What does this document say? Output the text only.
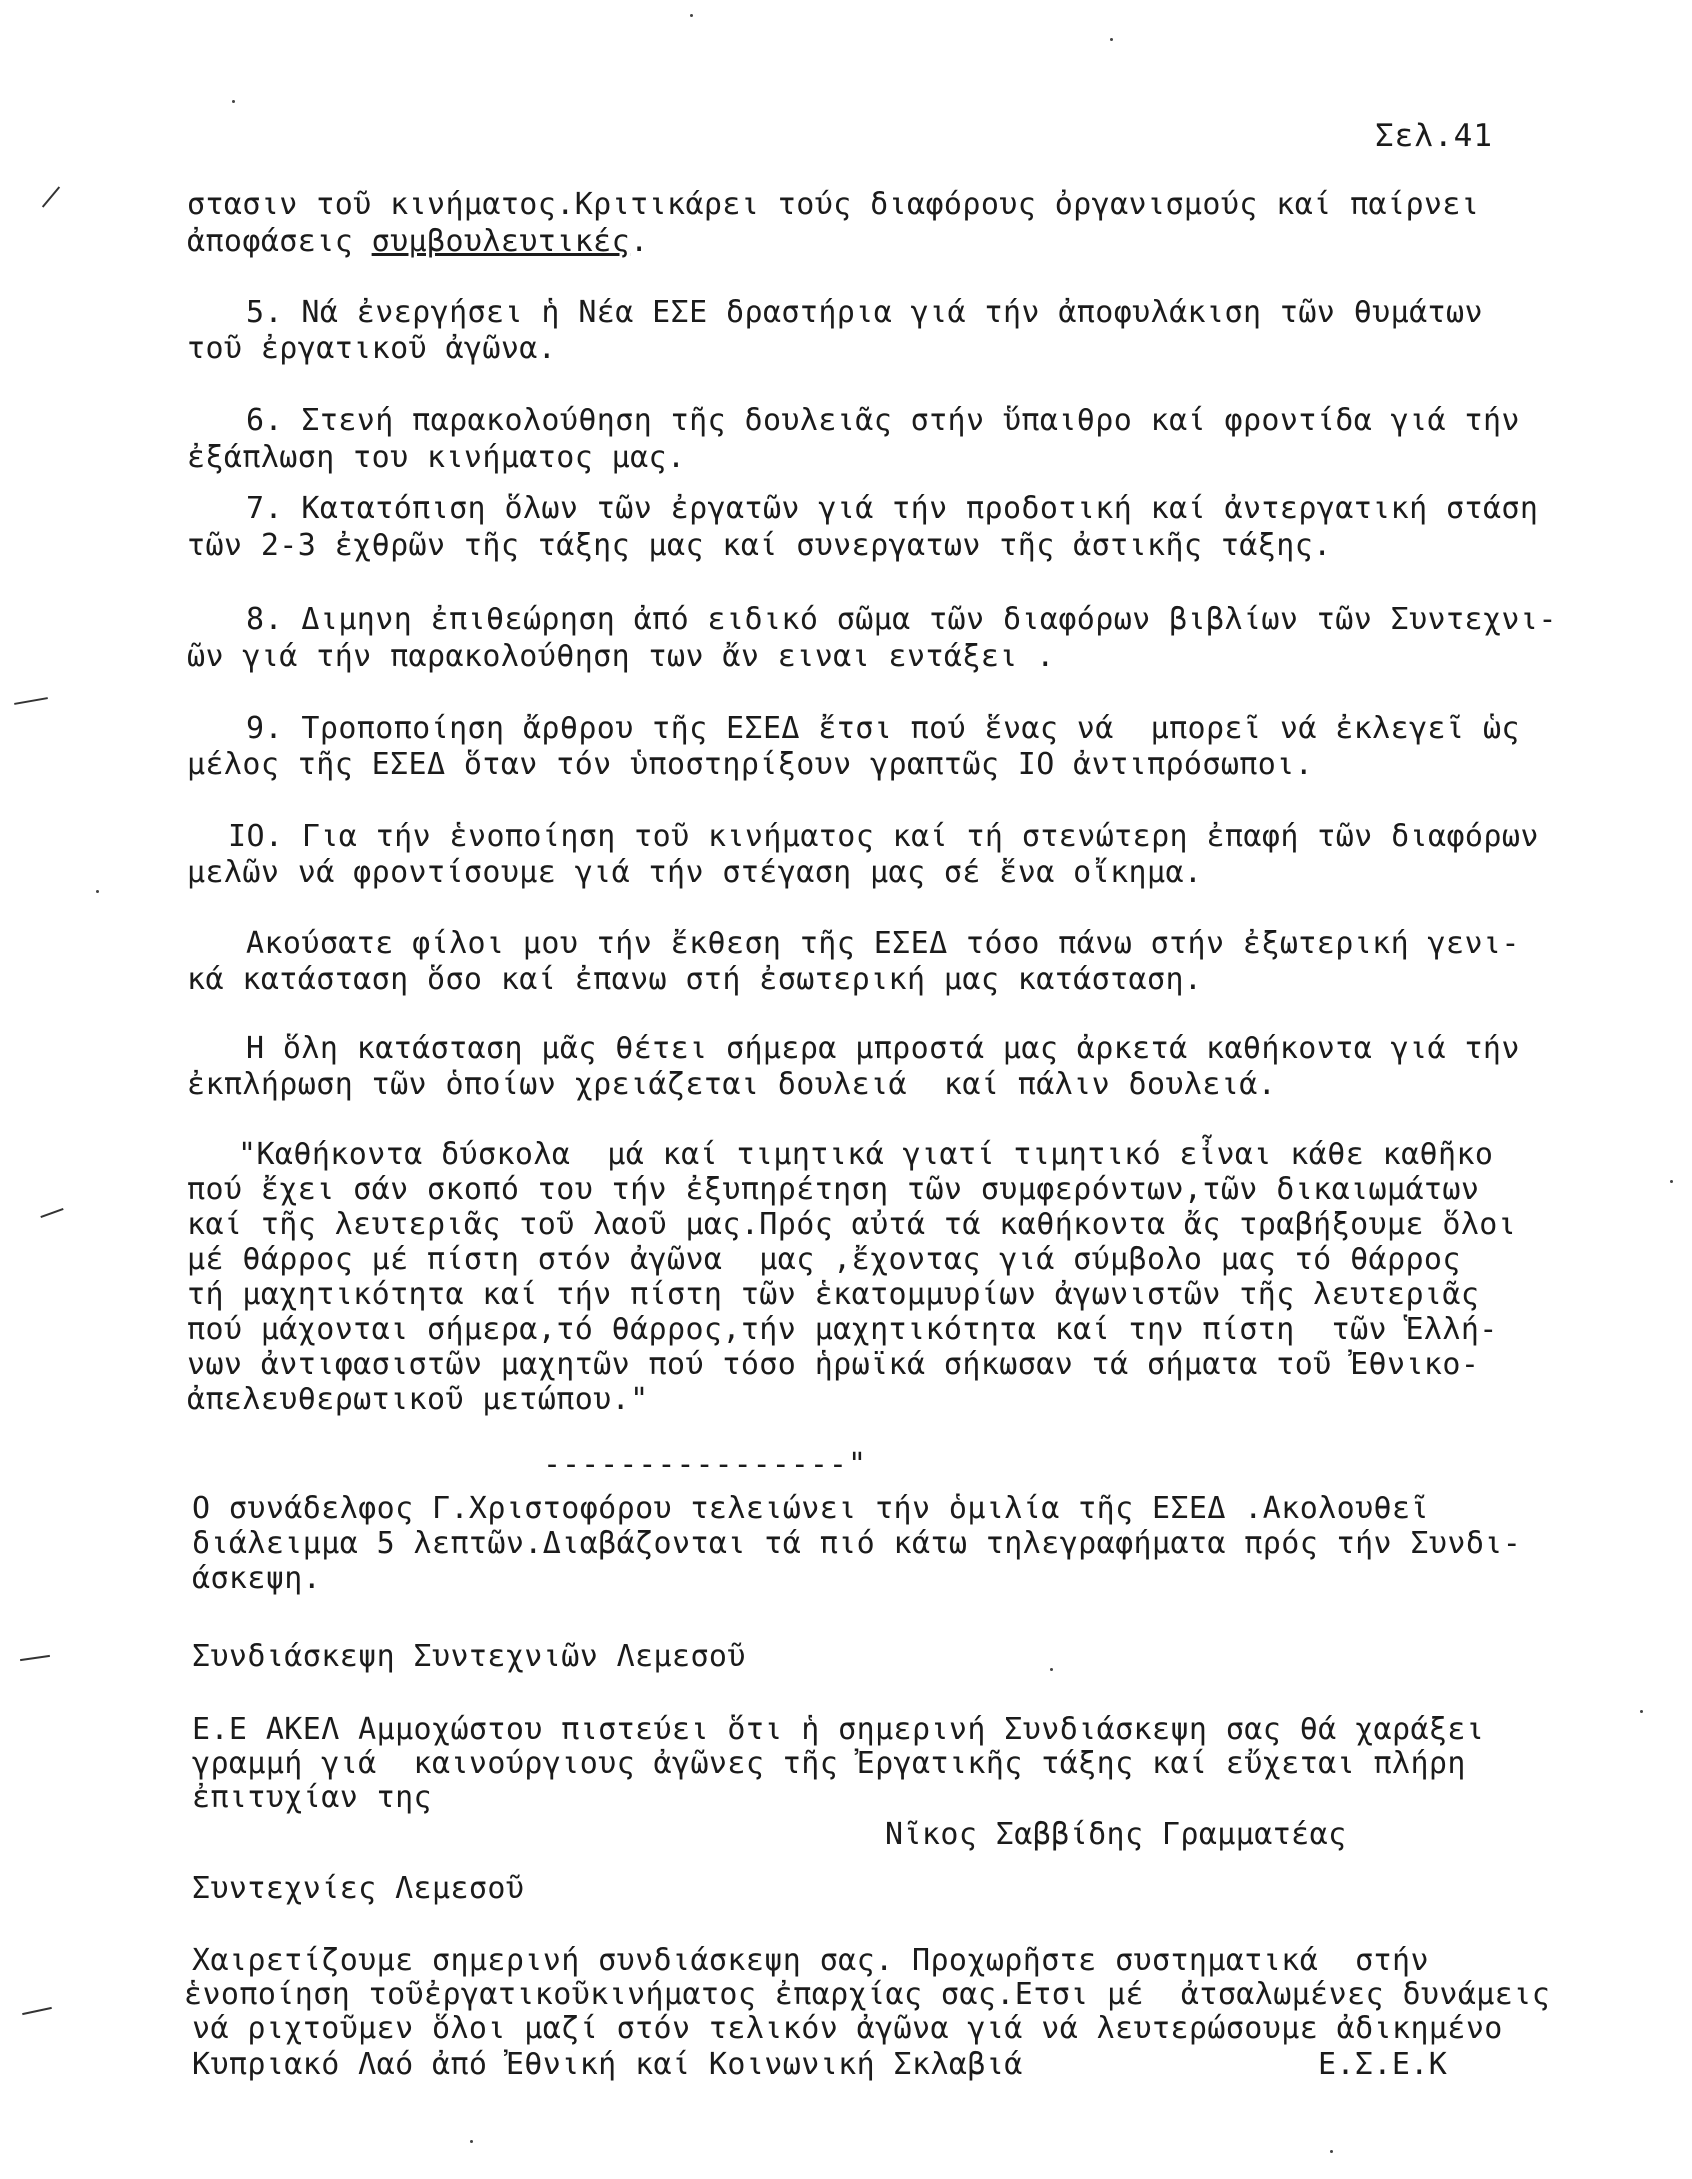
Σελ.41
στασιν τοῦ κινήματος.Κριτικάρει τούς διαφόρους ὀργανισμούς καί παίρνει
ἀποφάσεις συμβουλευτικές.
5. Νά ἐνεργήσει ἡ Νέα ΕΣΕ δραστήρια γιά τήν ἀποφυλάκιση τῶν θυμάτων
τοῦ ἐργατικοῦ ἀγῶνα.
6. Στενή παρακολούθηση τῆς δουλειᾶς στήν ὕπαιθρο καί φροντίδα γιά τήν
ἐξάπλωση του κινήματος μας.
7. Κατατόπιση ὅλων τῶν ἐργατῶν γιά τήν προδοτική καί ἀντεργατική στάση
τῶν 2-3 ἐχθρῶν τῆς τάξης μας καί συνεργατων τῆς ἀστικῆς τάξης.
8. Διμηνη ἐπιθεώρηση ἀπό ειδικό σῶμα τῶν διαφόρων βιβλίων τῶν Συντεχνι-
ῶν γιά τήν παρακολούθηση των ἄν ειναι εντάξει .
9. Τροποποίηση ἄρθρου τῆς ΕΣΕΔ ἔτσι πού ἕνας νά  μπορεῖ νά ἐκλεγεῖ ὡς
μέλος τῆς ΕΣΕΔ ὅταν τόν ὑποστηρίξουν γραπτῶς ΙΟ ἀντιπρόσωποι.
ΙΟ. Για τήν ἑνοποίηση τοῦ κινήματος καί τή στενώτερη ἐπαφή τῶν διαφόρων
μελῶν νά φροντίσουμε γιά τήν στέγαση μας σέ ἕνα οἴκημα.
Ακούσατε φίλοι μου τήν ἔκθεση τῆς ΕΣΕΔ τόσο πάνω στήν ἐξωτερική γενι-
κά κατάσταση ὅσο καί ἐπανω στή ἐσωτερική μας κατάσταση.
Η ὅλη κατάσταση μᾶς θέτει σήμερα μπροστά μας ἀρκετά καθήκοντα γιά τήν
ἐκπλήρωση τῶν ὁποίων χρειάζεται δουλειά  καί πάλιν δουλειά.
"Καθήκοντα δύσκολα  μά καί τιμητικά γιατί τιμητικό εἶναι κάθε καθῆκο
πού ἔχει σάν σκοπό του τήν ἐξυπηρέτηση τῶν συμφερόντων,τῶν δικαιωμάτων
καί τῆς λευτεριᾶς τοῦ λαοῦ μας.Πρός αὐτά τά καθήκοντα ἄς τραβήξουμε ὅλοι
μέ θάρρος μέ πίστη στόν ἀγῶνα  μας ,ἔχοντας γιά σύμβολο μας τό θάρρος
τή μαχητικότητα καί τήν πίστη τῶν ἑκατομμυρίων ἀγωνιστῶν τῆς λευτεριᾶς
πού μάχονται σήμερα,τό θάρρος,τήν μαχητικότητα καί την πίστη  τῶν Ἑλλή-
νων ἀντιφασιστῶν μαχητῶν πού τόσο ἡρωϊκά σήκωσαν τά σήματα τοῦ Ἐθνικο-
ἀπελευθερωτικοῦ μετώπου."
----------------"
Ο συνάδελφος Γ.Χριστοφόρου τελειώνει τήν ὁμιλία τῆς ΕΣΕΔ .Ακολουθεῖ
διάλειμμα 5 λεπτῶν.Διαβάζονται τά πιό κάτω τηλεγραφήματα πρός τήν Συνδι-
άσκεψη.
Συνδιάσκεψη Συντεχνιῶν Λεμεσοῦ
Ε.Ε ΑΚΕΛ Αμμοχώστου πιστεύει ὅτι ἡ σημερινή Συνδιάσκεψη σας θά χαράξει
γραμμή γιά  καινούργιους ἀγῶνες τῆς Ἐργατικῆς τάξης καί εὔχεται πλήρη
ἐπιτυχίαν της
Νῖκος Σαββίδης Γραμματέας
Συντεχνίες Λεμεσοῦ
Χαιρετίζουμε σημερινή συνδιάσκεψη σας. Προχωρῆστε συστηματικά  στήν
ἑνοποίηση τοῦἐργατικοῦκινήματος ἐπαρχίας σας.Ετσι μέ  ἀτσαλωμένες δυνάμεις
νά ριχτοῦμεν ὅλοι μαζί στόν τελικόν ἀγῶνα γιά νά λευτερώσουμε ἀδικημένο
Κυπριακό Λαό ἀπό Ἐθνική καί Κοινωνική Σκλαβιά	Ε.Σ.Ε.Κ
